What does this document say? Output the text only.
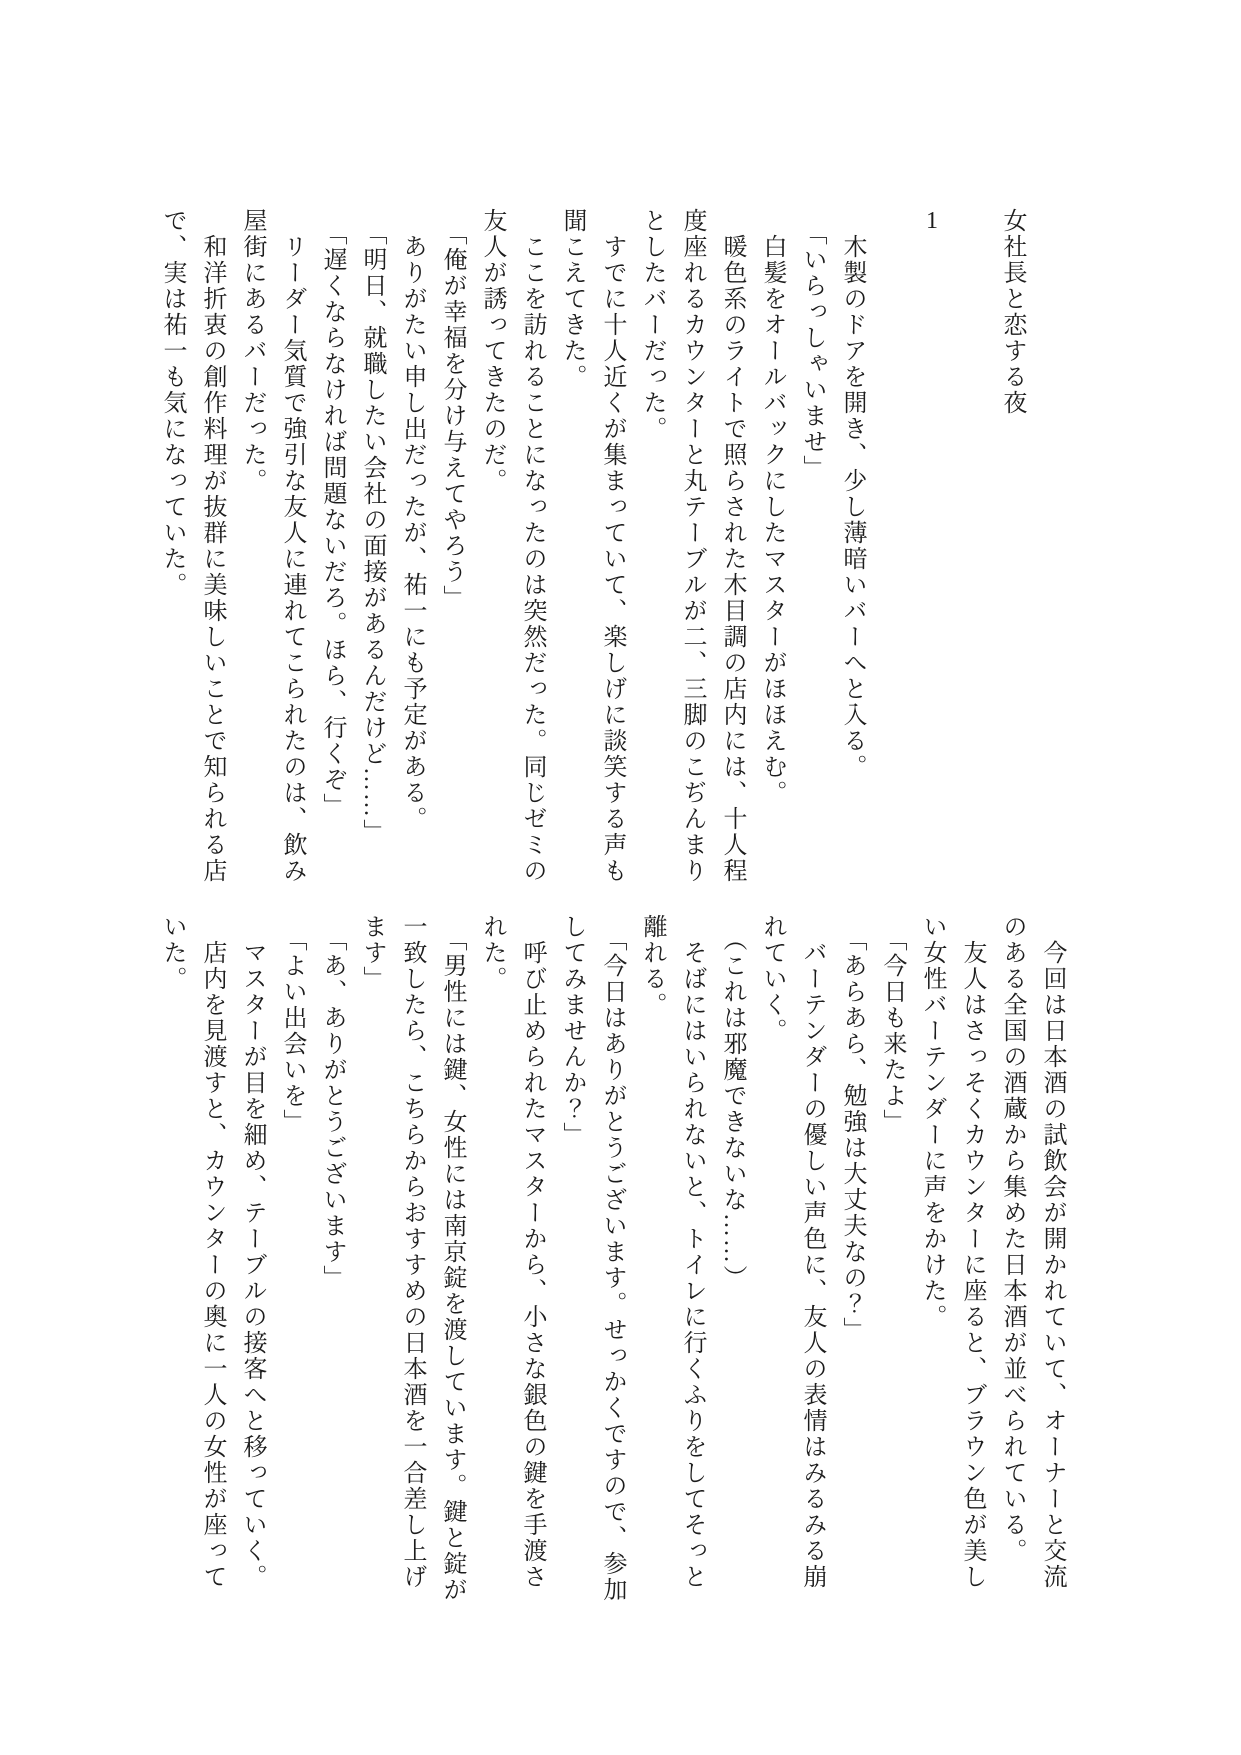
女社長と恋する夜
1
木製のドアを開き、少し薄暗いバーへと入る。
「いらっしゃいませ」
白髪をオールバックにしたマスターがほほえむ。
暖色系のライトで照らされた木目調の店内には、十人程
度座れるカウンターと丸テーブルが二、三脚のこぢんまり
としたバーだった。
すでに十人近くが集まっていて、楽しげに談笑する声も
聞こえてきた。
ここを訪れることになったのは突然だった。同じゼミの
友人が誘ってきたのだ。
「俺が幸福を分け与えてやろう」
ありがたい申し出だったが、祐一にも予定がある。
「明日、就職したい会社の面接があるんだけど……」
「遅くならなければ問題ないだろ。ほら、行くぞ」
リーダー気質で強引な友人に連れてこられたのは、飲み
屋街にあるバーだった。
和洋折衷の創作料理が抜群に美味しいことで知られる店
で、実は祐一も気になっていた。
今回は日本酒の試飲会が開かれていて、オーナーと交流
のある全国の酒蔵から集めた日本酒が並べられている。
友人はさっそくカウンターに座ると、ブラウン色が美し
い女性バーテンダーに声をかけた。
「今日も来たよ」
「あらあら、勉強は大丈夫なの？」
バーテンダーの優しい声色に、友人の表情はみるみる崩
れていく。
（これは邪魔できないな……）
そばにはいられないと、トイレに行くふりをしてそっと
離れる。
「今日はありがとうございます。せっかくですので、参加
してみませんか？」
呼び止められたマスターから、小さな銀色の鍵を手渡さ
れた。
「男性には鍵、女性には南京錠を渡しています。鍵と錠が
一致したら、こちらからおすすめの日本酒を一合差し上げ
ます」
「あ、ありがとうございます」
「よい出会いを」
マスターが目を細め、テーブルの接客へと移っていく。
店内を見渡すと、カウンターの奥に一人の女性が座って
いた。
